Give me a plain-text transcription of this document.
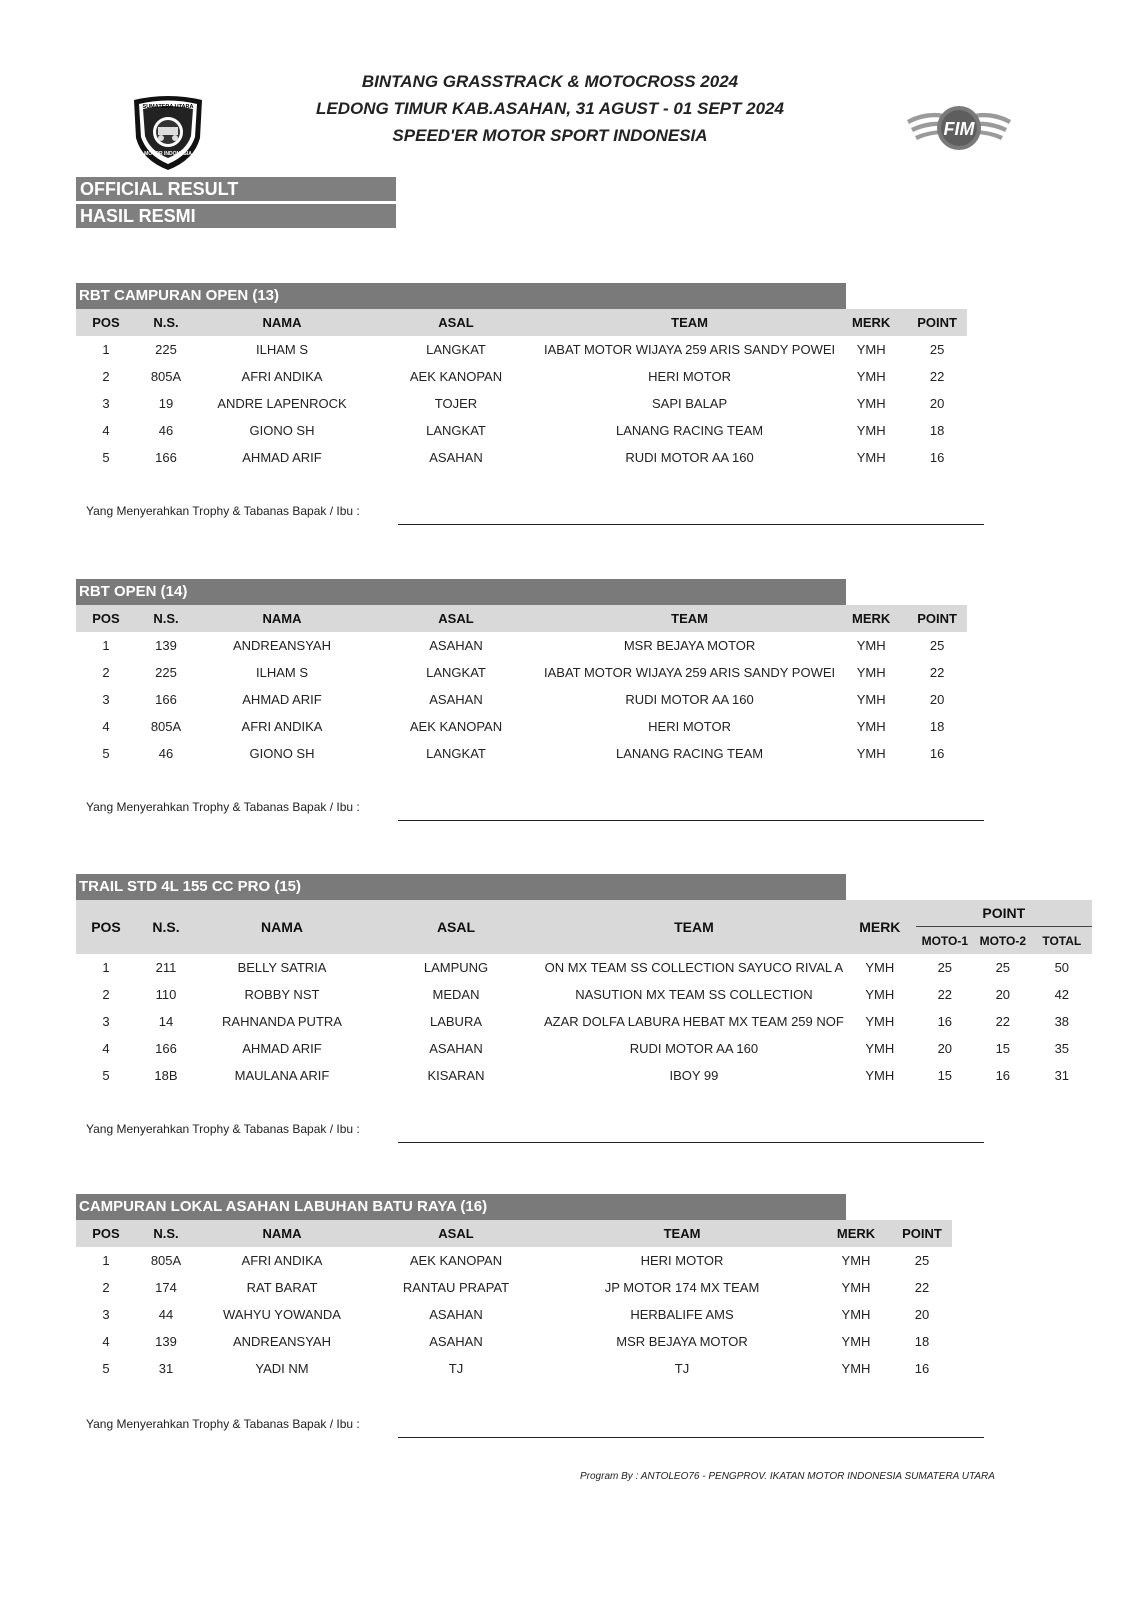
BINTANG GRASSTRACK & MOTOCROSS 2024
LEDONG TIMUR KAB.ASAHAN, 31 AGUST - 01 SEPT 2024
SPEED'ER MOTOR SPORT INDONESIA
SUMATERA UTARA
MOTOR INDONESIA
FIM
OFFICIAL RESULT
HASIL RESMI
RBT CAMPURAN OPEN (13)
POS	N.S.	NAMA	ASAL	TEAM	MERK	POINT

1	225	ILHAM S	LANGKAT	IABAT MOTOR WIJAYA 259 ARIS SANDY POWEI	YMH	25
2	805A	AFRI ANDIKA	AEK KANOPAN	HERI MOTOR	YMH	22
3	19	ANDRE LAPENROCK	TOJER	SAPI BALAP	YMH	20
4	46	GIONO SH	LANGKAT	LANANG RACING TEAM	YMH	18
5	166	AHMAD ARIF	ASAHAN	RUDI MOTOR AA 160	YMH	16
Yang Menyerahkan Trophy & Tabanas Bapak / Ibu :
RBT OPEN (14)
POS	N.S.	NAMA	ASAL	TEAM	MERK	POINT
1	139	ANDREANSYAH	ASAHAN	MSR BEJAYA MOTOR	YMH	25
2	225	ILHAM S	LANGKAT	IABAT MOTOR WIJAYA 259 ARIS SANDY POWEI	YMH	22
3	166	AHMAD ARIF	ASAHAN	RUDI MOTOR AA 160	YMH	20
4	805A	AFRI ANDIKA	AEK KANOPAN	HERI MOTOR	YMH	18
5	46	GIONO SH	LANGKAT	LANANG RACING TEAM	YMH	16
Yang Menyerahkan Trophy & Tabanas Bapak / Ibu :
TRAIL STD 4L 155 CC PRO (15)
POS	N.S.	NAMA	ASAL	TEAM	MERK	POINT		
						MOTO-1	MOTO-2	TOTAL
1	211	BELLY SATRIA	LAMPUNG	ON MX TEAM SS COLLECTION SAYUCO RIVAL A	YMH	25	25	50
2	110	ROBBY NST	MEDAN	NASUTION MX TEAM SS COLLECTION	YMH	22	20	42
3	14	RAHNANDA PUTRA	LABURA	AZAR DOLFA LABURA HEBAT MX TEAM 259 NOF	YMH	16	22	38
4	166	AHMAD ARIF	ASAHAN	RUDI MOTOR AA 160	YMH	20	15	35
5	18B	MAULANA ARIF	KISARAN	IBOY 99	YMH	15	16	31
Yang Menyerahkan Trophy & Tabanas Bapak / Ibu :
CAMPURAN LOKAL ASAHAN LABUHAN BATU RAYA (16)
POS	N.S.	NAMA	ASAL	TEAM	MERK	POINT
1	805A	AFRI ANDIKA	AEK KANOPAN	HERI MOTOR	YMH	25
2	174	RAT BARAT	RANTAU PRAPAT	JP MOTOR 174 MX TEAM	YMH	22
3	44	WAHYU YOWANDA	ASAHAN	HERBALIFE AMS	YMH	20
4	139	ANDREANSYAH	ASAHAN	MSR BEJAYA MOTOR	YMH	18
5	31	YADI NM	TJ	TJ	YMH	16
Yang Menyerahkan Trophy & Tabanas Bapak / Ibu :
Program By : ANTOLEO76 - PENGPROV. IKATAN MOTOR INDONESIA SUMATERA UTARA
